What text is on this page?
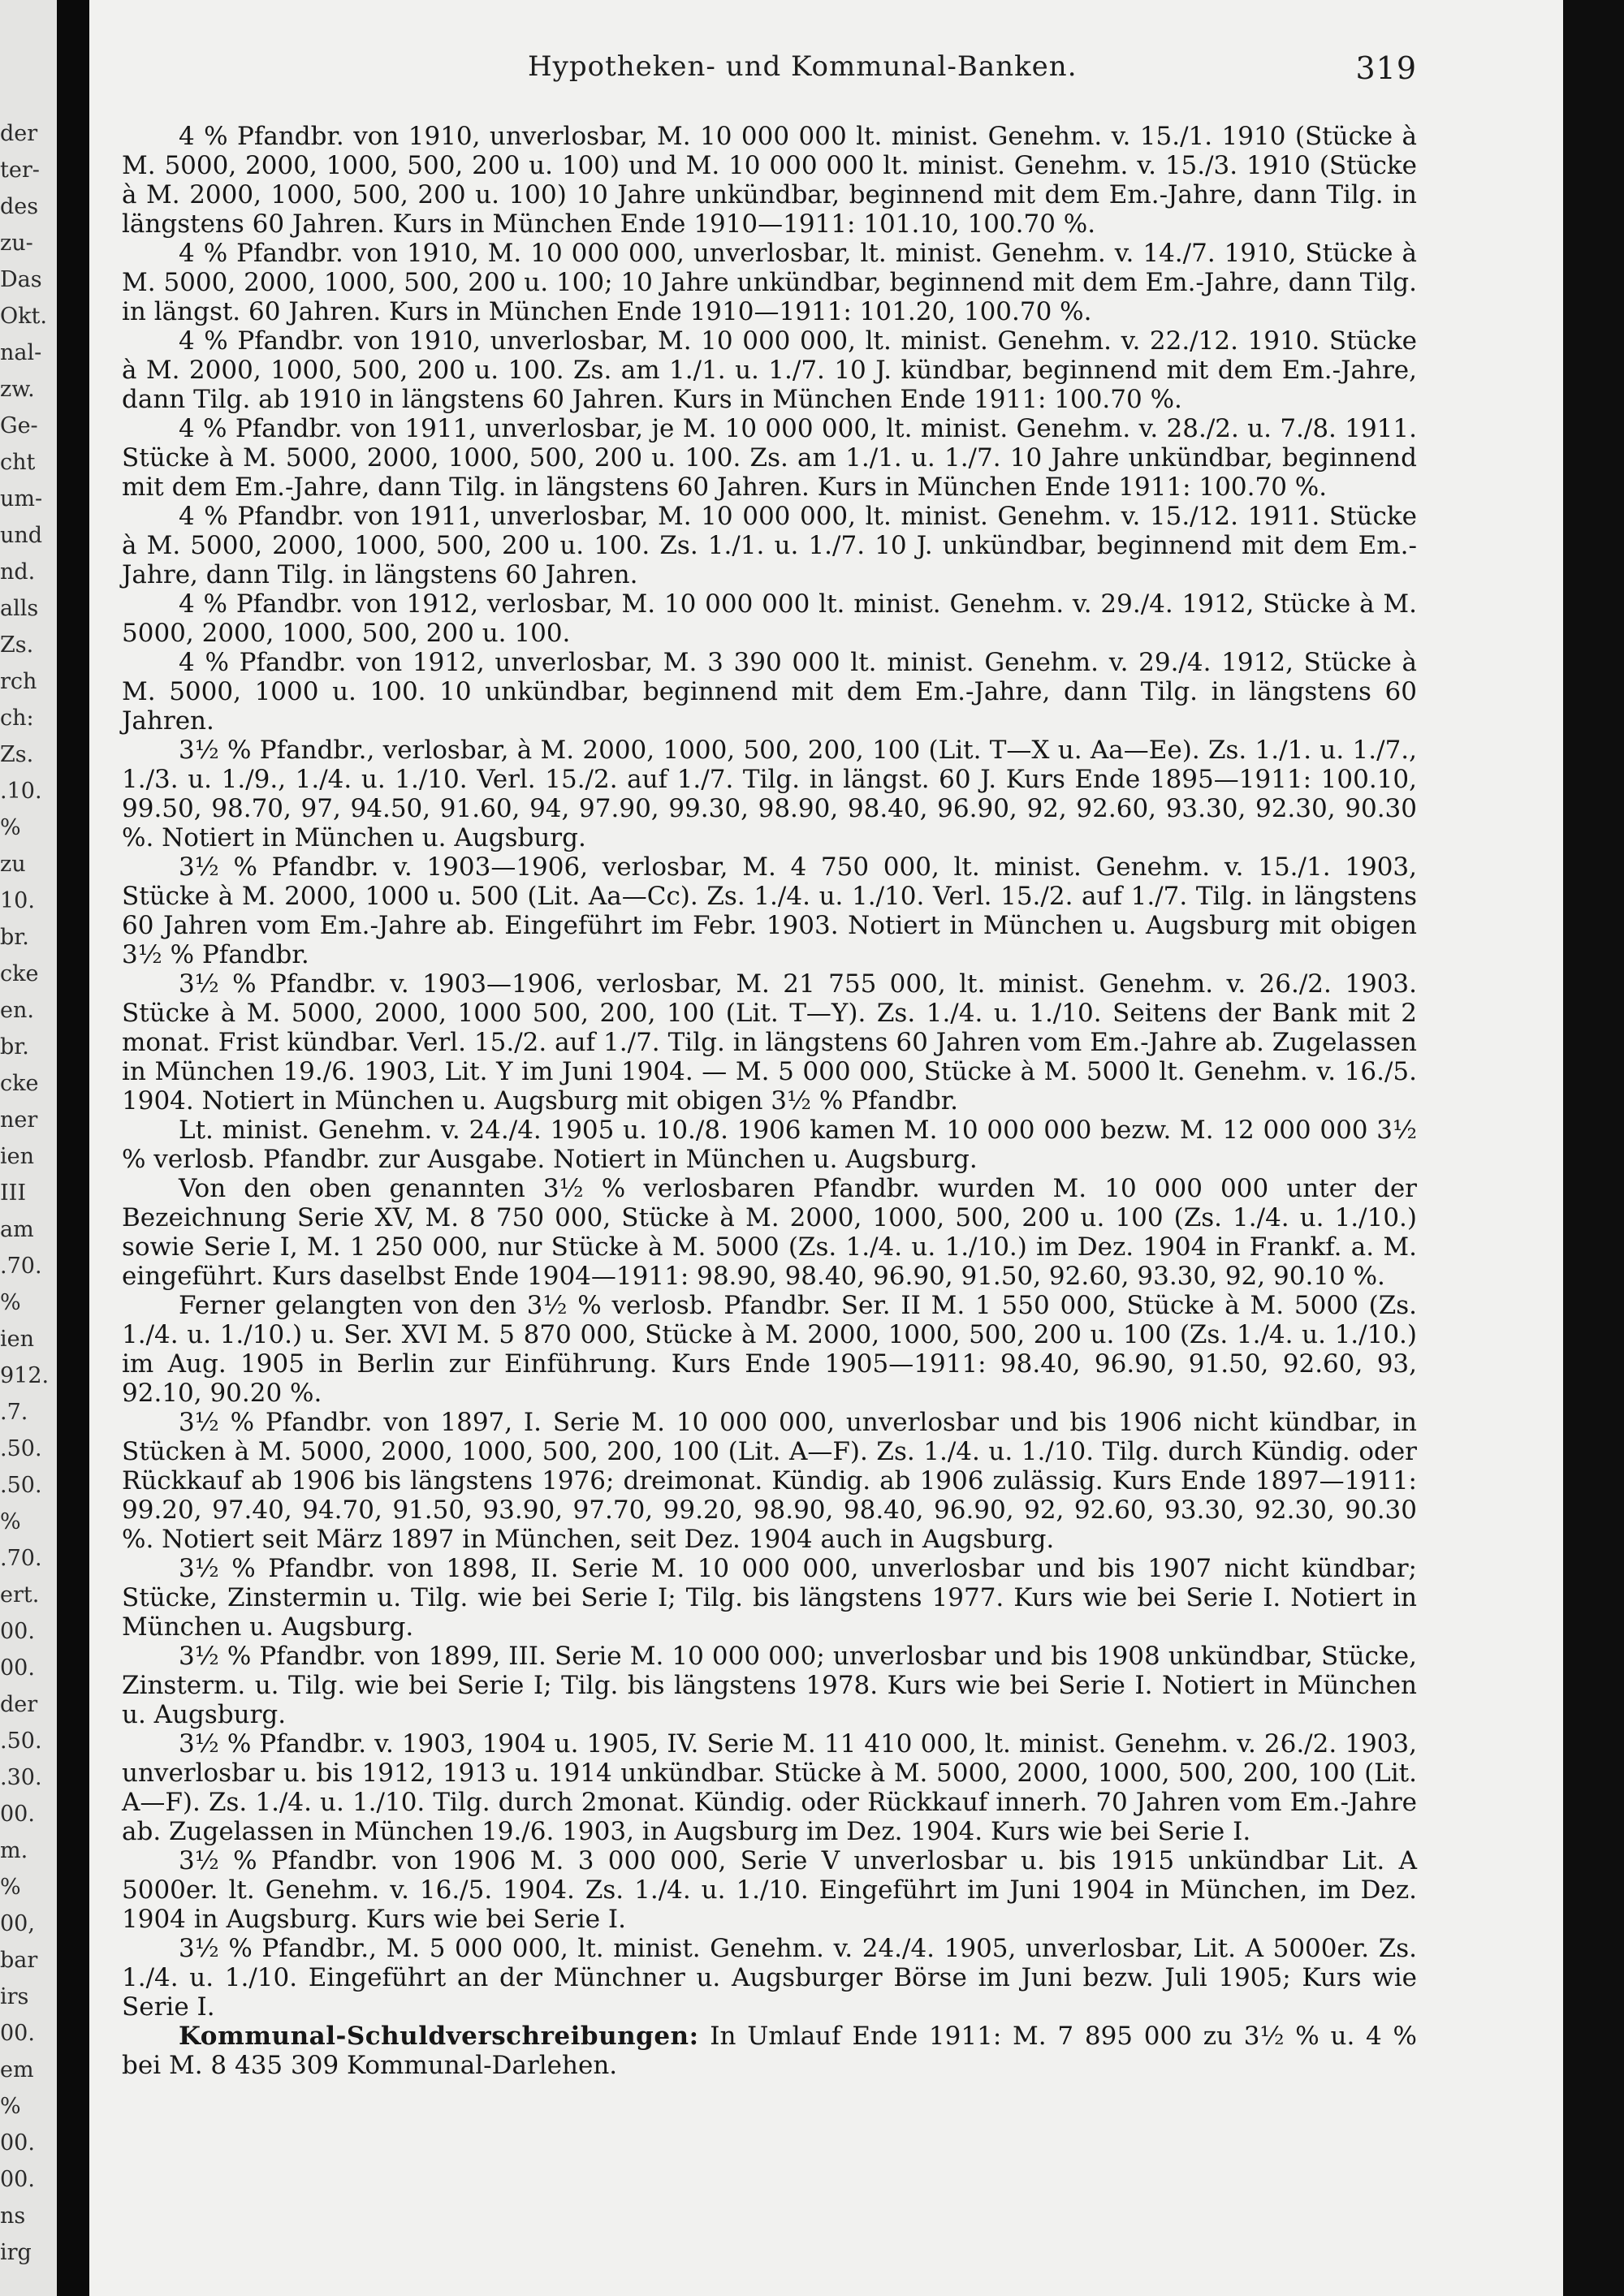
der
ter-
des
zu-
Das
Okt.
nal-
zw.
Ge-
cht
um-
und
nd.
alls
Zs.
rch
ch:
Zs.
.10.
%
zu
10.
br.
cke
en.
br.
cke
ner
ien
III
am
.70.
%
ien
912.
.7.
.50.
.50.
%
.70.
ert.
00.
00.
der
.50.
.30.
00.
m.
%
00,
bar
irs
00.
em
%
00.
00.
ns
irg
Hypotheken- und Kommunal-Banken.	319

4 % Pfandbr. von 1910, unverlosbar, M. 10 000 000 lt. minist. Genehm. v. 15./1. 1910 (Stücke à M. 5000, 2000, 1000, 500, 200 u. 100) und M. 10 000 000 lt. minist. Genehm. v. 15./3. 1910 (Stücke à M. 2000, 1000, 500, 200 u. 100) 10 Jahre unkündbar, beginnend mit dem Em.-Jahre, dann Tilg. in längstens 60 Jahren. Kurs in München Ende 1910—1911: 101.10, 100.70 %.

4 % Pfandbr. von 1910, M. 10 000 000, unverlosbar, lt. minist. Genehm. v. 14./7. 1910, Stücke à M. 5000, 2000, 1000, 500, 200 u. 100; 10 Jahre unkündbar, beginnend mit dem Em.-Jahre, dann Tilg. in längst. 60 Jahren. Kurs in München Ende 1910—1911: 101.20, 100.70 %.

4 % Pfandbr. von 1910, unverlosbar, M. 10 000 000, lt. minist. Genehm. v. 22./12. 1910. Stücke à M. 2000, 1000, 500, 200 u. 100. Zs. am 1./1. u. 1./7. 10 J. kündbar, beginnend mit dem Em.-Jahre, dann Tilg. ab 1910 in längstens 60 Jahren. Kurs in München Ende 1911: 100.70 %.

4 % Pfandbr. von 1911, unverlosbar, je M. 10 000 000, lt. minist. Genehm. v. 28./2. u. 7./8. 1911. Stücke à M. 5000, 2000, 1000, 500, 200 u. 100. Zs. am 1./1. u. 1./7. 10 Jahre unkündbar, beginnend mit dem Em.-Jahre, dann Tilg. in längstens 60 Jahren. Kurs in München Ende 1911: 100.70 %.

4 % Pfandbr. von 1911, unverlosbar, M. 10 000 000, lt. minist. Genehm. v. 15./12. 1911. Stücke à M. 5000, 2000, 1000, 500, 200 u. 100. Zs. 1./1. u. 1./7. 10 J. unkündbar, beginnend mit dem Em.-Jahre, dann Tilg. in längstens 60 Jahren.

4 % Pfandbr. von 1912, verlosbar, M. 10 000 000 lt. minist. Genehm. v. 29./4. 1912, Stücke à M. 5000, 2000, 1000, 500, 200 u. 100.

4 % Pfandbr. von 1912, unverlosbar, M. 3 390 000 lt. minist. Genehm. v. 29./4. 1912, Stücke à M. 5000, 1000 u. 100. 10 unkündbar, beginnend mit dem Em.-Jahre, dann Tilg. in längstens 60 Jahren.

3½ % Pfandbr., verlosbar, à M. 2000, 1000, 500, 200, 100 (Lit. T—X u. Aa—Ee). Zs. 1./1. u. 1./7., 1./3. u. 1./9., 1./4. u. 1./10. Verl. 15./2. auf 1./7. Tilg. in längst. 60 J. Kurs Ende 1895—1911: 100.10, 99.50, 98.70, 97, 94.50, 91.60, 94, 97.90, 99.30, 98.90, 98.40, 96.90, 92, 92.60, 93.30, 92.30, 90.30 %. Notiert in München u. Augsburg.

3½ % Pfandbr. v. 1903—1906, verlosbar, M. 4 750 000, lt. minist. Genehm. v. 15./1. 1903, Stücke à M. 2000, 1000 u. 500 (Lit. Aa—Cc). Zs. 1./4. u. 1./10. Verl. 15./2. auf 1./7. Tilg. in längstens 60 Jahren vom Em.-Jahre ab. Eingeführt im Febr. 1903. Notiert in München u. Augsburg mit obigen 3½ % Pfandbr.

3½ % Pfandbr. v. 1903—1906, verlosbar, M. 21 755 000, lt. minist. Genehm. v. 26./2. 1903. Stücke à M. 5000, 2000, 1000 500, 200, 100 (Lit. T—Y). Zs. 1./4. u. 1./10. Seitens der Bank mit 2 monat. Frist kündbar. Verl. 15./2. auf 1./7. Tilg. in längstens 60 Jahren vom Em.-Jahre ab. Zugelassen in München 19./6. 1903, Lit. Y im Juni 1904. — M. 5 000 000, Stücke à M. 5000 lt. Genehm. v. 16./5. 1904. Notiert in München u. Augsburg mit obigen 3½ % Pfandbr.

Lt. minist. Genehm. v. 24./4. 1905 u. 10./8. 1906 kamen M. 10 000 000 bezw. M. 12 000 000 3½ % verlosb. Pfandbr. zur Ausgabe. Notiert in München u. Augsburg.

Von den oben genannten 3½ % verlosbaren Pfandbr. wurden M. 10 000 000 unter der Bezeichnung Serie XV, M. 8 750 000, Stücke à M. 2000, 1000, 500, 200 u. 100 (Zs. 1./4. u. 1./10.) sowie Serie I, M. 1 250 000, nur Stücke à M. 5000 (Zs. 1./4. u. 1./10.) im Dez. 1904 in Frankf. a. M. eingeführt. Kurs daselbst Ende 1904—1911: 98.90, 98.40, 96.90, 91.50, 92.60, 93.30, 92, 90.10 %.

Ferner gelangten von den 3½ % verlosb. Pfandbr. Ser. II M. 1 550 000, Stücke à M. 5000 (Zs. 1./4. u. 1./10.) u. Ser. XVI M. 5 870 000, Stücke à M. 2000, 1000, 500, 200 u. 100 (Zs. 1./4. u. 1./10.) im Aug. 1905 in Berlin zur Einführung. Kurs Ende 1905—1911: 98.40, 96.90, 91.50, 92.60, 93, 92.10, 90.20 %.

3½ % Pfandbr. von 1897, I. Serie M. 10 000 000, unverlosbar und bis 1906 nicht kündbar, in Stücken à M. 5000, 2000, 1000, 500, 200, 100 (Lit. A—F). Zs. 1./4. u. 1./10. Tilg. durch Kündig. oder Rückkauf ab 1906 bis längstens 1976; dreimonat. Kündig. ab 1906 zulässig. Kurs Ende 1897—1911: 99.20, 97.40, 94.70, 91.50, 93.90, 97.70, 99.20, 98.90, 98.40, 96.90, 92, 92.60, 93.30, 92.30, 90.30 %. Notiert seit März 1897 in München, seit Dez. 1904 auch in Augsburg.

3½ % Pfandbr. von 1898, II. Serie M. 10 000 000, unverlosbar und bis 1907 nicht kündbar; Stücke, Zinstermin u. Tilg. wie bei Serie I; Tilg. bis längstens 1977. Kurs wie bei Serie I. Notiert in München u. Augsburg.

3½ % Pfandbr. von 1899, III. Serie M. 10 000 000; unverlosbar und bis 1908 unkündbar, Stücke, Zinsterm. u. Tilg. wie bei Serie I; Tilg. bis längstens 1978. Kurs wie bei Serie I. Notiert in München u. Augsburg.

3½ % Pfandbr. v. 1903, 1904 u. 1905, IV. Serie M. 11 410 000, lt. minist. Genehm. v. 26./2. 1903, unverlosbar u. bis 1912, 1913 u. 1914 unkündbar. Stücke à M. 5000, 2000, 1000, 500, 200, 100 (Lit. A—F). Zs. 1./4. u. 1./10. Tilg. durch 2monat. Kündig. oder Rückkauf innerh. 70 Jahren vom Em.-Jahre ab. Zugelassen in München 19./6. 1903, in Augsburg im Dez. 1904. Kurs wie bei Serie I.

3½ % Pfandbr. von 1906 M. 3 000 000, Serie V unverlosbar u. bis 1915 unkündbar Lit. A 5000er. lt. Genehm. v. 16./5. 1904. Zs. 1./4. u. 1./10. Eingeführt im Juni 1904 in München, im Dez. 1904 in Augsburg. Kurs wie bei Serie I.

3½ % Pfandbr., M. 5 000 000, lt. minist. Genehm. v. 24./4. 1905, unverlosbar, Lit. A 5000er. Zs. 1./4. u. 1./10. Eingeführt an der Münchner u. Augsburger Börse im Juni bezw. Juli 1905; Kurs wie Serie I.

Kommunal-Schuldverschreibungen: In Umlauf Ende 1911: M. 7 895 000 zu 3½ % u. 4 % bei M. 8 435 309 Kommunal-Darlehen.
